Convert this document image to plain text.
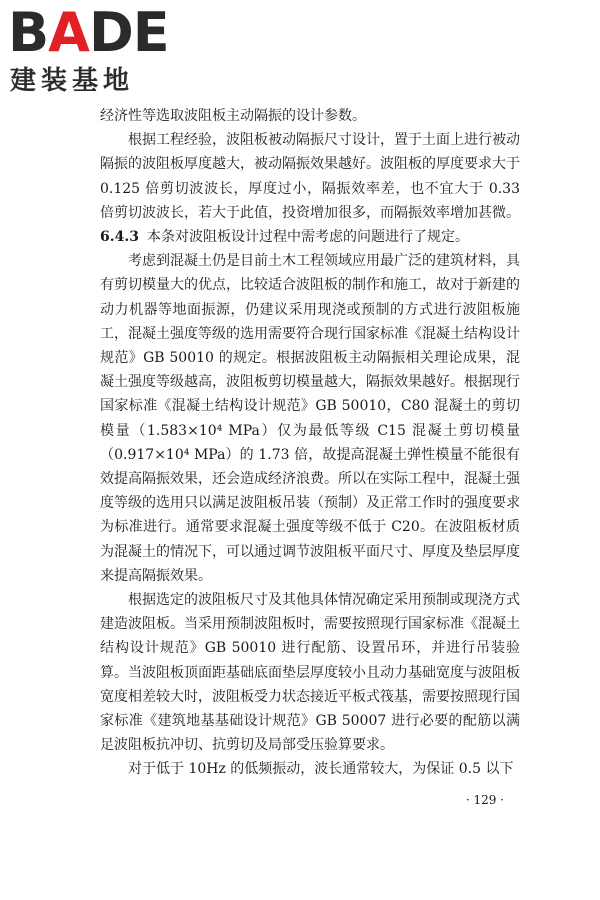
BADE
建装基地

经济性等选取波阻板主动隔振的设计参数。

根据工程经验，波阻板被动隔振尺寸设计，置于土面上进行被动隔振的波阻板厚度越大，被动隔振效果越好。波阻板的厚度要求大于 0.125 倍剪切波波长，厚度过小，隔振效率差，也不宜大于 0.33 倍剪切波波长，若大于此值，投资增加很多，而隔振效率增加甚微。

6.4.3 本条对波阻板设计过程中需考虑的问题进行了规定。

考虑到混凝土仍是目前土木工程领域应用最广泛的建筑材料，具有剪切模量大的优点，比较适合波阻板的制作和施工，故对于新建的动力机器等地面振源，仍建议采用现浇或预制的方式进行波阻板施工，混凝土强度等级的选用需要符合现行国家标准《混凝土结构设计规范》GB 50010 的规定。根据波阻板主动隔振相关理论成果，混凝土强度等级越高，波阻板剪切模量越大，隔振效果越好。根据现行国家标准《混凝土结构设计规范》GB 50010，C80 混凝土的剪切模量（1.583×10⁴ MPa）仅为最低等级 C15 混凝土剪切模量（0.917×10⁴ MPa）的 1.73 倍，故提高混凝土弹性模量不能很有效提高隔振效果，还会造成经济浪费。所以在实际工程中，混凝土强度等级的选用只以满足波阻板吊装（预制）及正常工作时的强度要求为标准进行。通常要求混凝土强度等级不低于 C20。在波阻板材质为混凝土的情况下，可以通过调节波阻板平面尺寸、厚度及垫层厚度来提高隔振效果。

根据选定的波阻板尺寸及其他具体情况确定采用预制或现浇方式建造波阻板。当采用预制波阻板时，需要按照现行国家标准《混凝土结构设计规范》GB 50010 进行配筋、设置吊环，并进行吊装验算。当波阻板顶面距基础底面垫层厚度较小且动力基础宽度与波阻板宽度相差较大时，波阻板受力状态接近平板式筏基，需要按照现行国家标准《建筑地基基础设计规范》GB 50007 进行必要的配筋以满足波阻板抗冲切、抗剪切及局部受压验算要求。

对于低于 10Hz 的低频振动，波长通常较大，为保证 0.5 以下

· 129 ·
